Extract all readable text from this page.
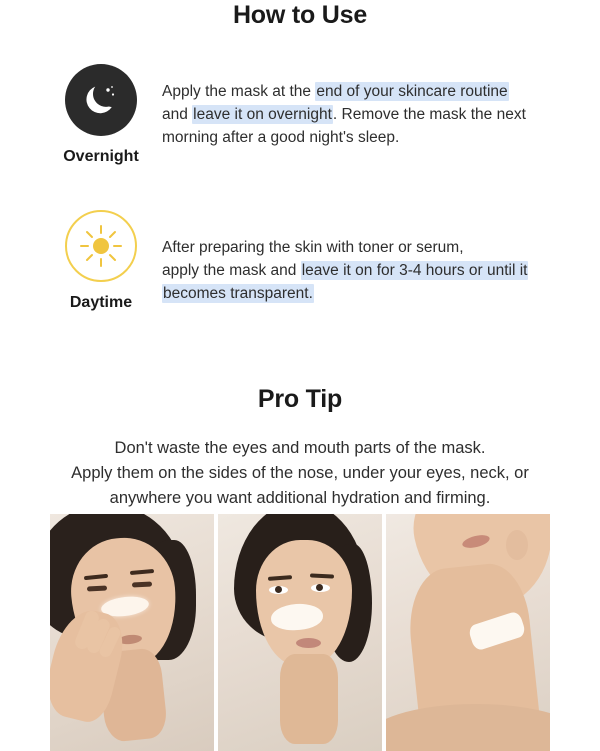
How to Use
Overnight
Apply the mask at the end of your skincare routine
and leave it on overnight. Remove the mask the next
morning after a good night's sleep.
Daytime
After preparing the skin with toner or serum,
apply the mask and leave it on for 3-4 hours or until it
becomes transparent.
Pro Tip
Don't waste the eyes and mouth parts of the mask.
Apply them on the sides of the nose, under your eyes, neck, or
anywhere you want additional hydration and firming.
